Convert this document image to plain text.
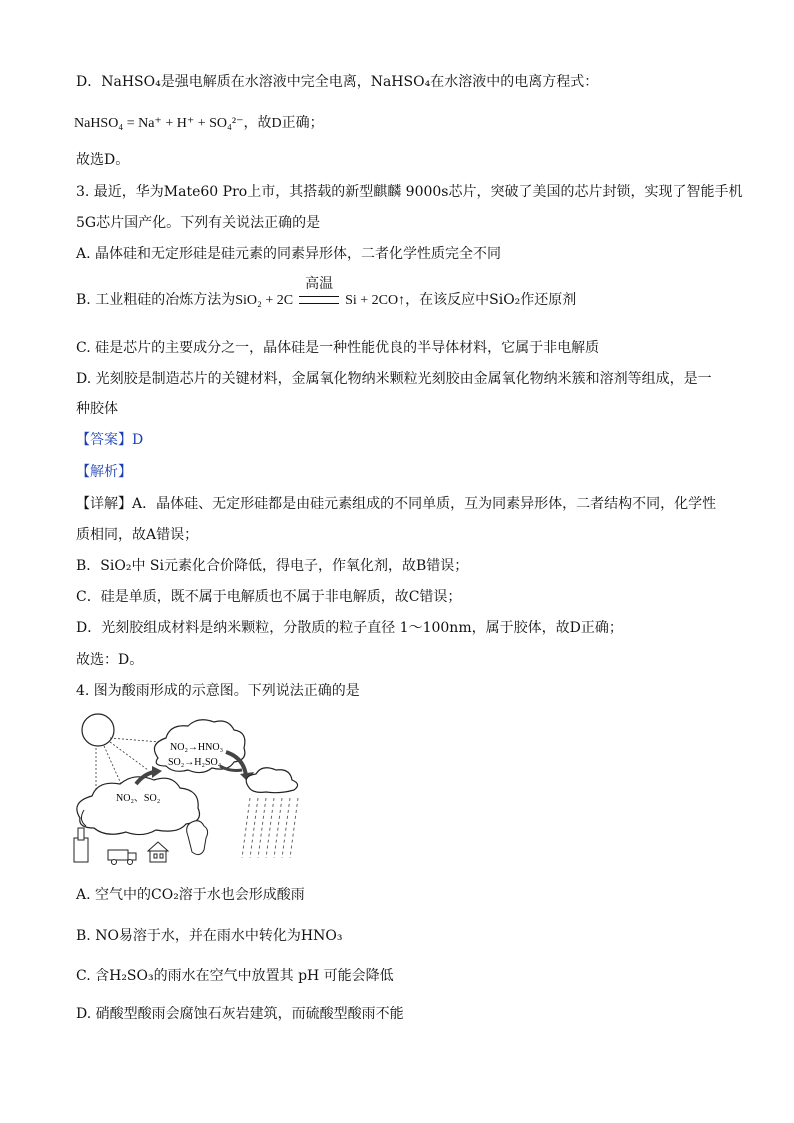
D．NaHSO₄是强电解质在水溶液中完全电离，NaHSO₄在水溶液中的电离方程式：
NaHSO₄ = Na⁺ + H⁺ + SO₄²⁻，故D正确；
故选D。
3. 最近，华为Mate60 Pro上市，其搭载的新型麒麟 9000s芯片，突破了美国的芯片封锁，实现了智能手机
5G芯片国产化。下列有关说法正确的是
A. 晶体硅和无定形硅是硅元素的同素异形体，二者化学性质完全不同
B. 工业粗硅的冶炼方法为SiO₂ + 2C
高温
Si + 2CO↑，在该反应中SiO₂作还原剂
C. 硅是芯片的主要成分之一，晶体硅是一种性能优良的半导体材料，它属于非电解质
D. 光刻胶是制造芯片的关键材料，金属氧化物纳米颗粒光刻胶由金属氧化物纳米簇和溶剂等组成，是一
种胶体
【答案】D
【解析】
【详解】A．晶体硅、无定形硅都是由硅元素组成的不同单质，互为同素异形体，二者结构不同，化学性
质相同，故A错误；
B．SiO₂中 Si元素化合价降低，得电子，作氧化剂，故B错误；
C．硅是单质，既不属于电解质也不属于非电解质，故C错误；
D．光刻胶组成材料是纳米颗粒，分散质的粒子直径 1～100nm，属于胶体，故D正确；
故选：D。
4. 图为酸雨形成的示意图。下列说法正确的是
NO₂→HNO₃
SO₂→H₂SO₄
NO₂、SO₂
A. 空气中的CO₂溶于水也会形成酸雨
B. NO易溶于水，并在雨水中转化为HNO₃
C. 含H₂SO₃的雨水在空气中放置其 pH 可能会降低
D. 硝酸型酸雨会腐蚀石灰岩建筑，而硫酸型酸雨不能
